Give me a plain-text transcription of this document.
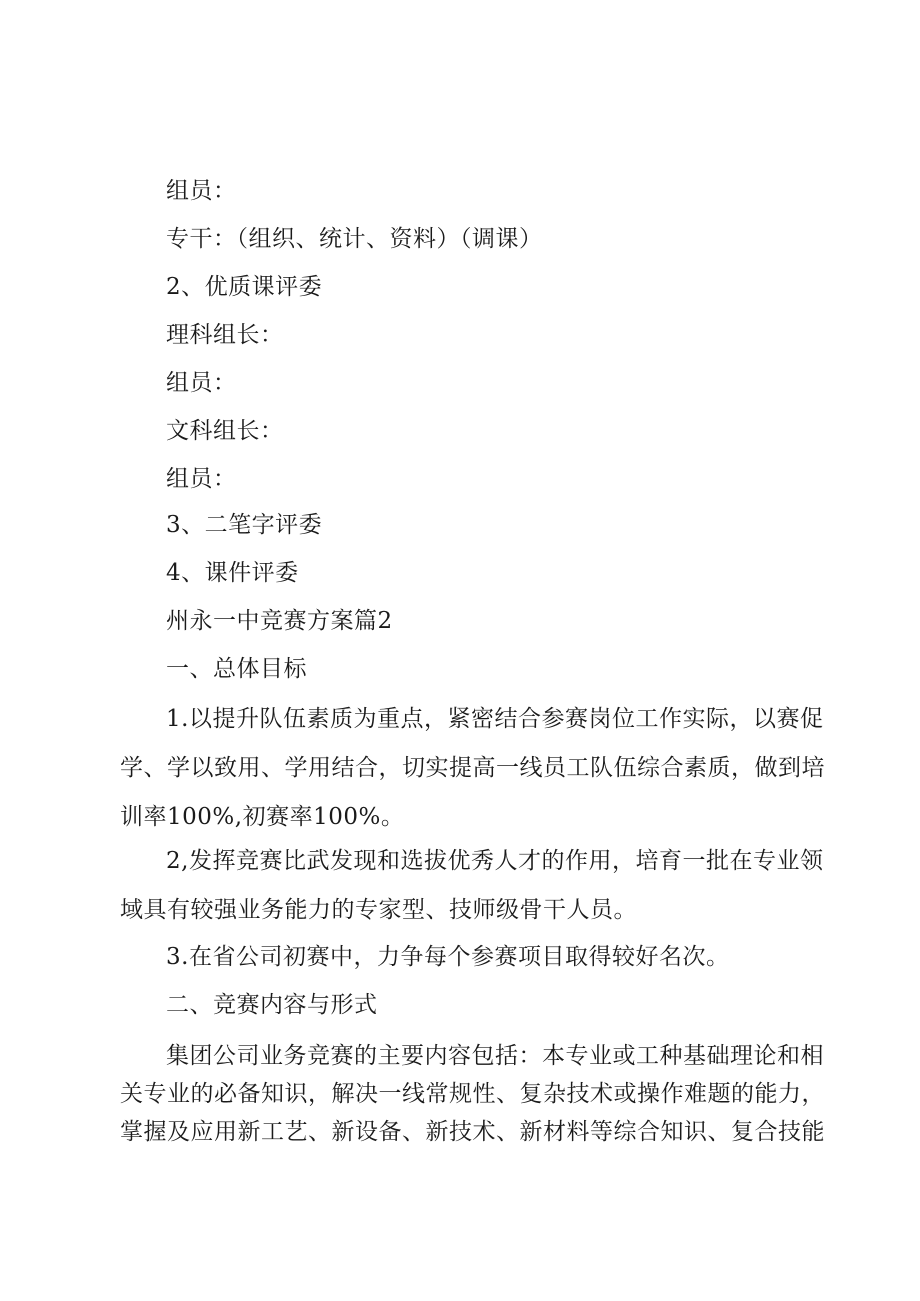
组员：
专干：（组织、统计、资料）（调课）
2、优质课评委
理科组长：
组员：
文科组长：
组员：
3、二笔字评委
4、课件评委
州永一中竞赛方案篇2
一、总体目标
1.以提升队伍素质为重点，紧密结合参赛岗位工作实际，以赛促
学、学以致用、学用结合，切实提高一线员工队伍综合素质，做到培
训率100%,初赛率100%。
2,发挥竞赛比武发现和选拔优秀人才的作用，培育一批在专业领
域具有较强业务能力的专家型、技师级骨干人员。
3.在省公司初赛中，力争每个参赛项目取得较好名次。
二、竞赛内容与形式
集团公司业务竞赛的主要内容包括：本专业或工种基础理论和相
关专业的必备知识，解决一线常规性、复杂技术或操作难题的能力，
掌握及应用新工艺、新设备、新技术、新材料等综合知识、复合技能
